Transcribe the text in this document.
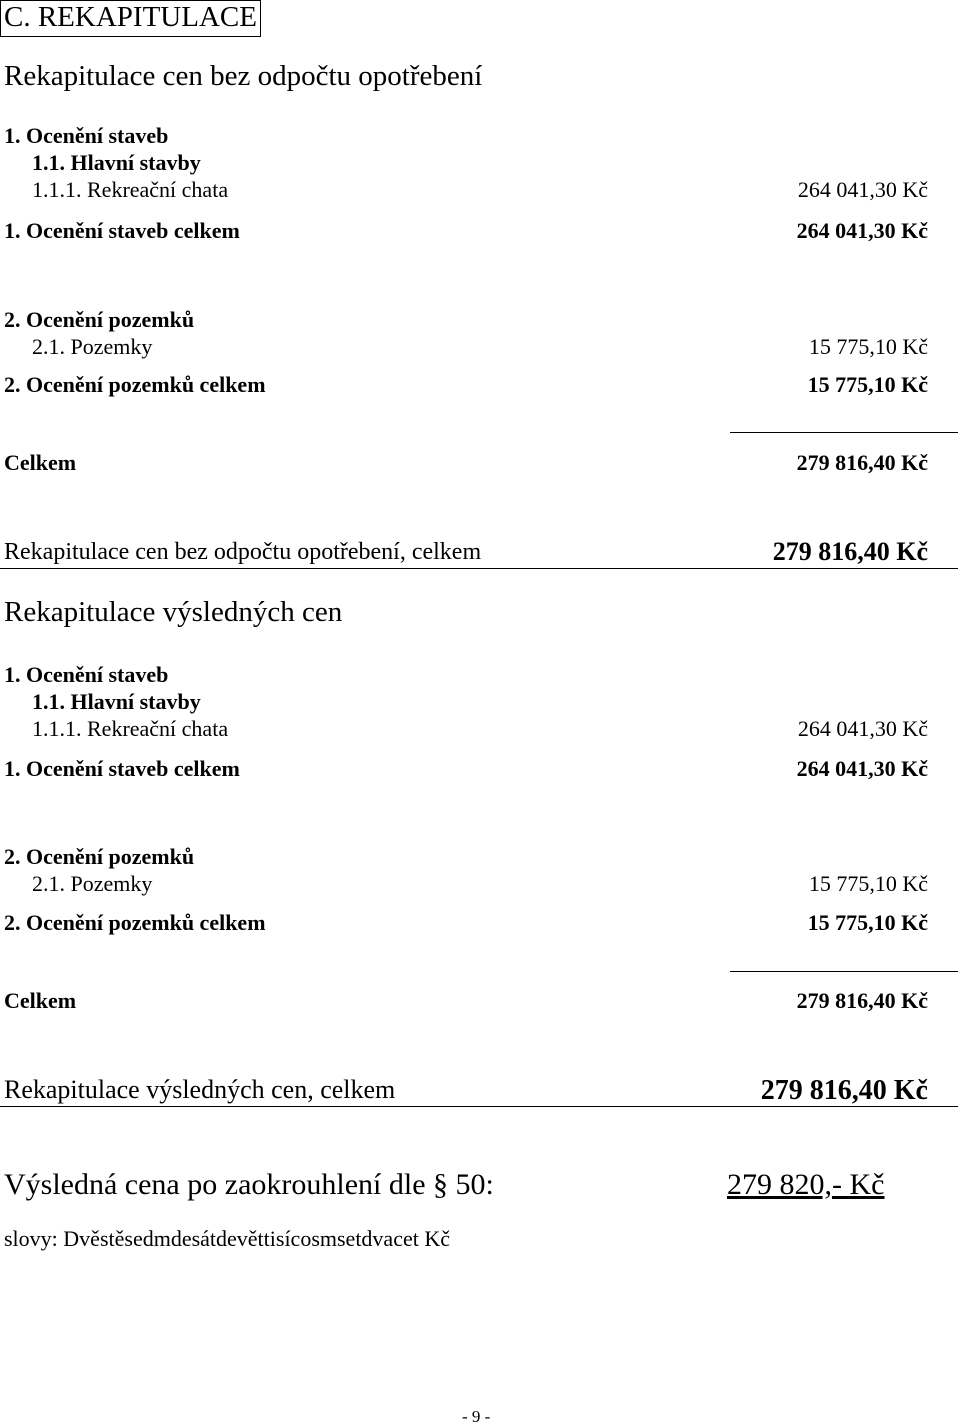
C. REKAPITULACE
Rekapitulace cen bez odpočtu opotřebení
1. Ocenění staveb
1.1. Hlavní stavby
1.1.1. Rekreační chata	264 041,30 Kč
1. Ocenění staveb celkem	264 041,30 Kč
2. Ocenění pozemků
2.1. Pozemky	15 775,10 Kč
2. Ocenění pozemků celkem	15 775,10 Kč
Celkem	279 816,40 Kč
Rekapitulace cen bez odpočtu opotřebení, celkem	279 816,40 Kč
Rekapitulace výsledných cen
1. Ocenění staveb
1.1. Hlavní stavby
1.1.1. Rekreační chata	264 041,30 Kč
1. Ocenění staveb celkem	264 041,30 Kč
2. Ocenění pozemků
2.1. Pozemky	15 775,10 Kč
2. Ocenění pozemků celkem	15 775,10 Kč
Celkem	279 816,40 Kč
Rekapitulace výsledných cen, celkem	279 816,40 Kč
Výsledná cena po zaokrouhlení dle § 50:	279 820,- Kč
slovy: Dvěstěsedmdesátdevěttisícosmsetdvacet Kč
- 9 -
